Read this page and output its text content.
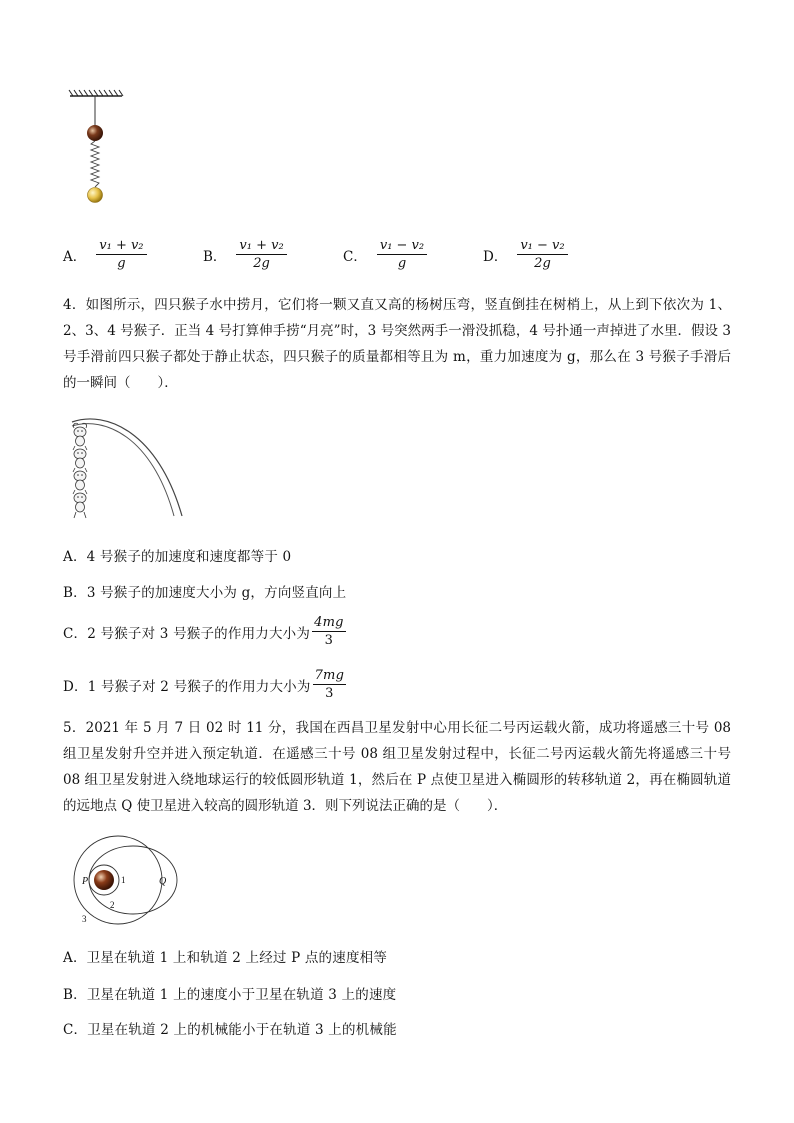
A． $\frac{\text{v₁ + v₂}}{g}$	B． $\frac{\text{v₁ + v₂}}{2g}$	C． $\frac{\text{v₁ − v₂}}{g}$	D． $\frac{\text{v₁ − v₂}}{2g}$
4．如图所示，四只猴子水中捞月，它们将一颗又直又高的杨树压弯，竖直倒挂在树梢上，从上到下依次为 1、2、3、4 号猴子．正当 4 号打算伸手捞“月亮”时，3 号突然两手一滑没抓稳，4 号扑通一声掉进了水里．假设 3 号手滑前四只猴子都处于静止状态，四只猴子的质量都相等且为 m，重力加速度为 g，那么在 3 号猴子手滑后的一瞬间（　　）．
A．4 号猴子的加速度和速度都等于 0
B．3 号猴子的加速度大小为 g，方向竖直向上
C．2 号猴子对 3 号猴子的作用力大小为 $\frac{4mg}{3}$
D．1 号猴子对 2 号猴子的作用力大小为 $\frac{7mg}{3}$
5．2021 年 5 月 7 日 02 时 11 分，我国在西昌卫星发射中心用长征二号丙运载火箭，成功将遥感三十号 08 组卫星发射升空并进入预定轨道．在遥感三十号 08 组卫星发射过程中，长征二号丙运载火箭先将遥感三十号 08 组卫星发射进入绕地球运行的较低圆形轨道 1，然后在 P 点使卫星进入椭圆形的转移轨道 2，再在椭圆轨道的远地点 Q 使卫星进入较高的圆形轨道 3．则下列说法正确的是（　　）．
P	1	Q
2
3
A．卫星在轨道 1 上和轨道 2 上经过 P 点的速度相等
B．卫星在轨道 1 上的速度小于卫星在轨道 3 上的速度
C．卫星在轨道 2 上的机械能小于在轨道 3 上的机械能
